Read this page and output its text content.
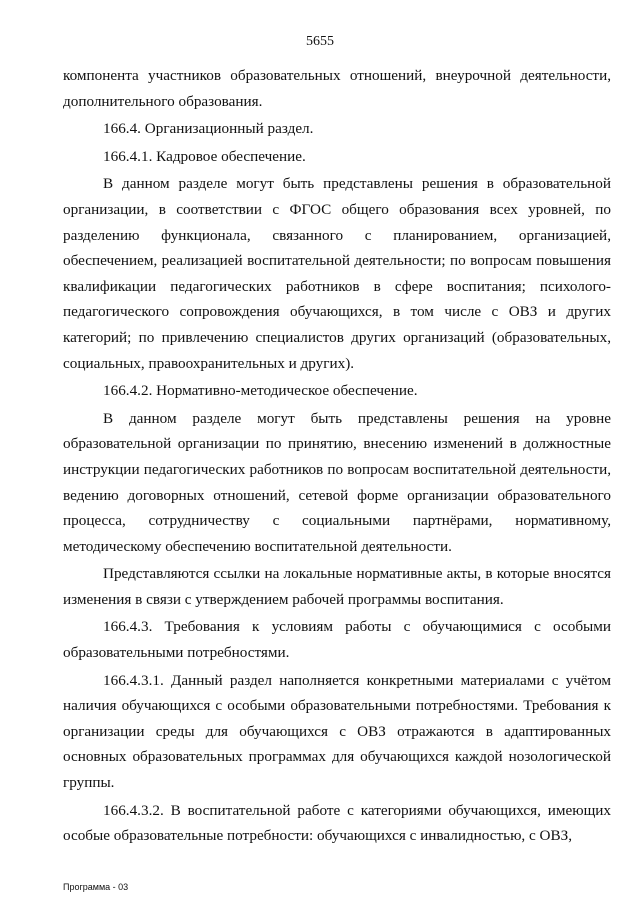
5655

компонента участников образовательных отношений, внеурочной деятельности, дополнительного образования.

166.4. Организационный раздел.

166.4.1. Кадровое обеспечение.

В данном разделе могут быть представлены решения в образовательной организации, в соответствии с ФГОС общего образования всех уровней, по разделению функционала, связанного с планированием, организацией, обеспечением, реализацией воспитательной деятельности; по вопросам повышения квалификации педагогических работников в сфере воспитания; психолого-педагогического сопровождения обучающихся, в том числе с ОВЗ и других категорий; по привлечению специалистов других организаций (образовательных, социальных, правоохранительных и других).

166.4.2. Нормативно-методическое обеспечение.

В данном разделе могут быть представлены решения на уровне образовательной организации по принятию, внесению изменений в должностные инструкции педагогических работников по вопросам воспитательной деятельности, ведению договорных отношений, сетевой форме организации образовательного процесса, сотрудничеству с социальными партнёрами, нормативному, методическому обеспечению воспитательной деятельности.

Представляются ссылки на локальные нормативные акты, в которые вносятся изменения в связи с утверждением рабочей программы воспитания.

166.4.3. Требования к условиям работы с обучающимися с особыми образовательными потребностями.

166.4.3.1. Данный раздел наполняется конкретными материалами с учётом наличия обучающихся с особыми образовательными потребностями. Требования к организации среды для обучающихся с ОВЗ отражаются в адаптированных основных образовательных программах для обучающихся каждой нозологической группы.

166.4.3.2. В воспитательной работе с категориями обучающихся, имеющих особые образовательные потребности: обучающихся с инвалидностью, с ОВЗ,

Программа - 03
